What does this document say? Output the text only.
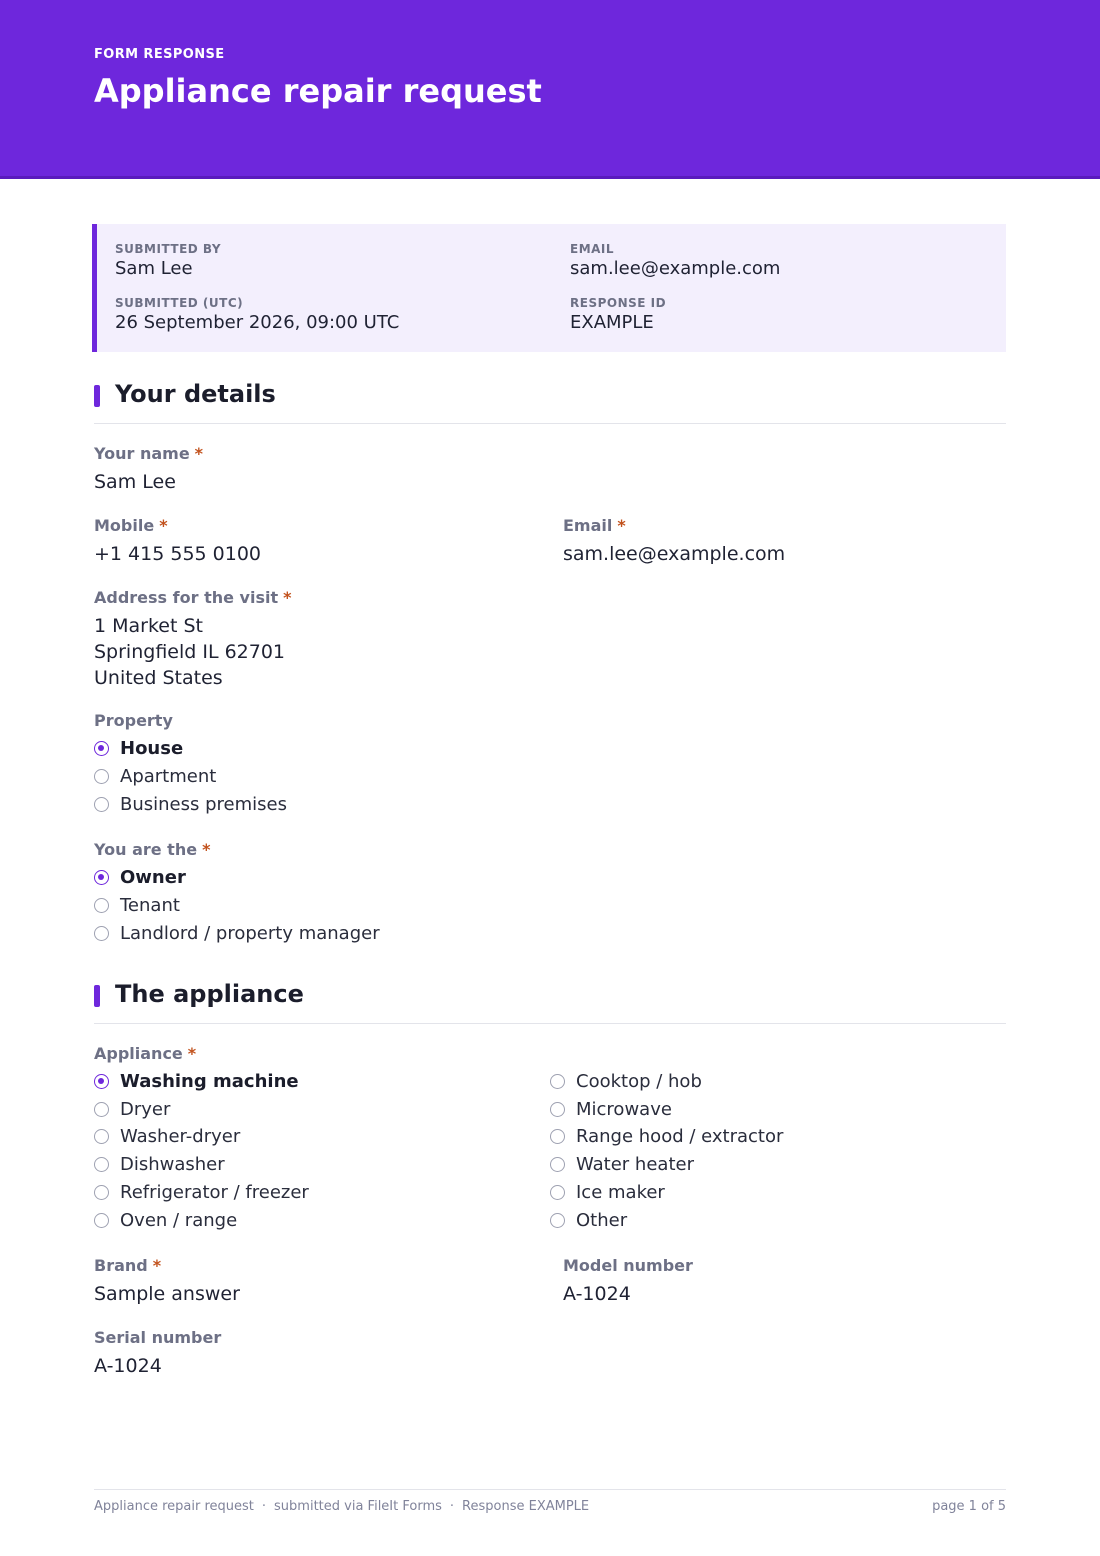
FORM RESPONSE
Appliance repair request
SUBMITTED BY
Sam Lee
EMAIL
sam.lee@example.com
SUBMITTED (UTC)
26 September 2026, 09:00 UTC
RESPONSE ID
EXAMPLE
Your details
Your name *
Sam Lee
Mobile *
+1 415 555 0100
Email *
sam.lee@example.com
Address for the visit *
1 Market St
Springfield IL 62701
United States
Property
House
Apartment
Business premises
You are the *
Owner
Tenant
Landlord / property manager
The appliance
Appliance *
Washing machine
Dryer
Washer-dryer
Dishwasher
Refrigerator / freezer
Oven / range
Cooktop / hob
Microwave
Range hood / extractor
Water heater
Ice maker
Other
Brand *
Sample answer
Model number
A-1024
Serial number
A-1024
Appliance repair request · submitted via FileIt Forms · Response EXAMPLE	page 1 of 5
